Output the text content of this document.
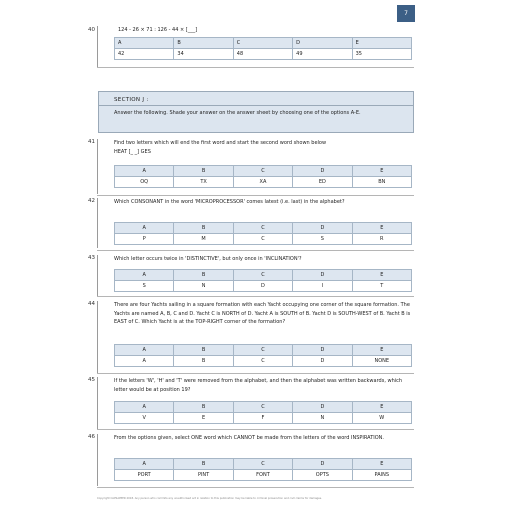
7
40	124 - 26 × 71 : 126 - 44 × [___]
A	B	C	D	E
42	34	48	49	35
SECTION J :
Answer the following. Shade your answer on the answer sheet by choosing one of the options A-E.
41	Find two letters which will end the first word and start the second word shown below
HEAT [_ _] GES
A	B	C	D	E
OQ	TX	XA	ED	BN
42	Which CONSONANT in the word 'MICROPROCESSOR' comes latest (i.e. last) in the alphabet?
A	B	C	D	E
P	M	C	S	R
43	Which letter occurs twice in 'DISTINCTIVE', but only once in 'INCLINATION'?
A	B	C	D	E
S	N	D	I	T
44	There are four Yachts sailing in a square formation with each Yacht occupying one corner of the square formation. The Yachts are named A, B, C and D. Yacht C is NORTH of D. Yacht A is SOUTH of B. Yacht D is SOUTH-WEST of B. Yacht B is EAST of C. Which Yacht is at the TOP-RIGHT corner of the formation?
A	B	C	D	E
A	B	C	D	NONE
45	If the letters 'W', 'H' and 'T' were removed from the alphabet, and then the alphabet was written backwards, which letter would be at position 19?
A	B	C	D	E
V	E	F	N	W
46	From the options given, select ONE word which CANNOT be made from the letters of the word INSPIRATION.
A	B	C	D	E
PORT	PINT	FONT	OPTS	PAINS
Copyright CAPSAPPER 2018. Any person who commits any unauthorised act in relation to this publication may be liable to criminal prosecution and civil claims for damages.
